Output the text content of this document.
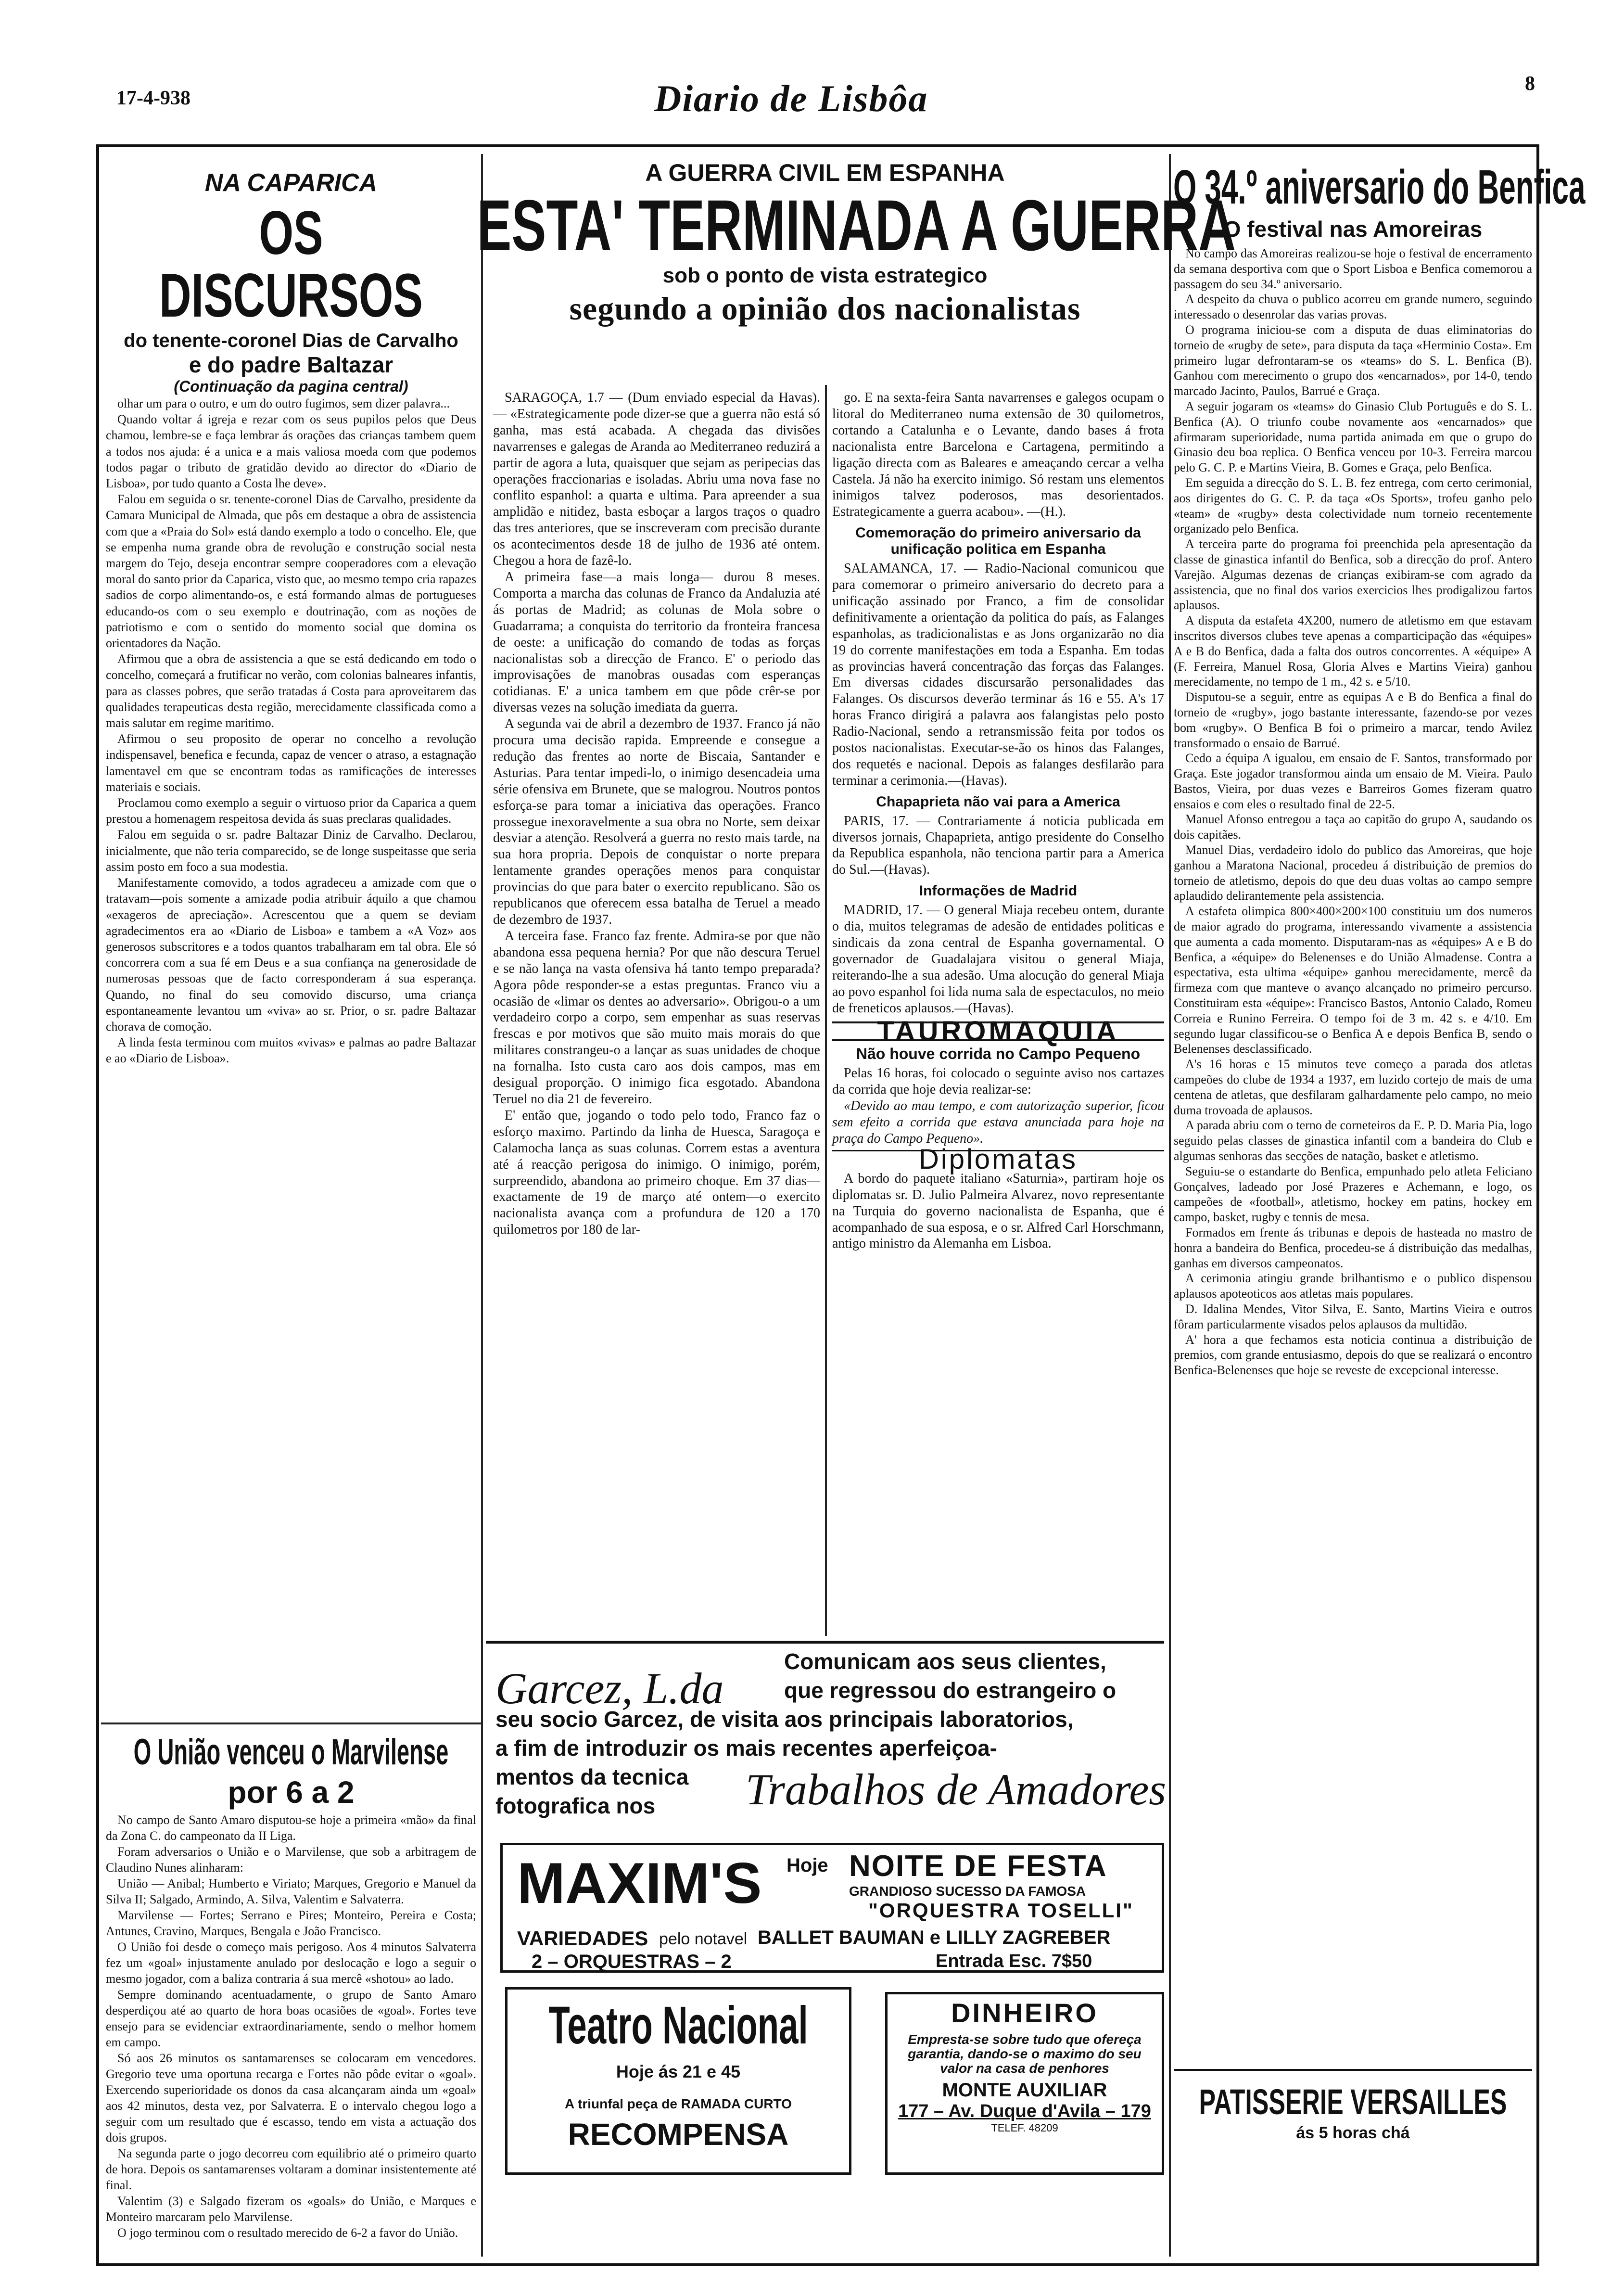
17-4-938	Diario de Lisbôa	8
NA CAPARICA
OS DISCURSOS
do tenente-coronel Dias de Carvalho
e do padre Baltazar
(Continuação da pagina central)

olhar um para o outro, e um do outro fugimos, sem dizer palavra...

Quando voltar á igreja e rezar com os seus pupilos pelos que Deus chamou, lembre-se e faça lembrar ás orações das crianças tambem quem a todos nos ajuda: é a unica e a mais valiosa moeda com que podemos todos pagar o tributo de gratidão devido ao director do «Diario de Lisboa», por tudo quanto a Costa lhe deve».

Falou em seguida o sr. tenente-coronel Dias de Carvalho, presidente da Camara Municipal de Almada, que pôs em destaque a obra de assistencia com que a «Praia do Sol» está dando exemplo a todo o concelho. Ele, que se empenha numa grande obra de revolução e construção social nesta margem do Tejo, deseja encontrar sempre cooperadores com a elevação moral do santo prior da Caparica, visto que, ao mesmo tempo cria rapazes sadios de corpo alimentando-os, e está formando almas de portugueses educando-os com o seu exemplo e doutrinação, com as noções de patriotismo e com o sentido do momento social que domina os orientadores da Nação.

Afirmou que a obra de assistencia a que se está dedicando em todo o concelho, começará a frutificar no verão, com colonias balneares infantis, para as classes pobres, que serão tratadas á Costa para aproveitarem das qualidades terapeuticas desta região, merecidamente classificada como a mais salutar em regime maritimo.

Afirmou o seu proposito de operar no concelho a revolução indispensavel, benefica e fecunda, capaz de vencer o atraso, a estagnação lamentavel em que se encontram todas as ramificações de interesses materiais e sociais.

Proclamou como exemplo a seguir o virtuoso prior da Caparica a quem prestou a homenagem respeitosa devida ás suas preclaras qualidades.

Falou em seguida o sr. padre Baltazar Diniz de Carvalho. Declarou, inicialmente, que não teria comparecido, se de longe suspeitasse que seria assim posto em foco a sua modestia.

Manifestamente comovido, a todos agradeceu a amizade com que o tratavam—pois somente a amizade podia atribuir áquilo a que chamou «exageros de apreciação». Acrescentou que a quem se deviam agradecimentos era ao «Diario de Lisboa» e tambem a «A Voz» aos generosos subscritores e a todos quantos trabalharam em tal obra. Ele só concorrera com a sua fé em Deus e a sua confiança na generosidade de numerosas pessoas que de facto corresponderam á sua esperança. Quando, no final do seu comovido discurso, uma criança espontaneamente levantou um «viva» ao sr. Prior, o sr. padre Baltazar chorava de comoção.

A linda festa terminou com muitos «vivas» e palmas ao padre Baltazar e ao «Diario de Lisboa».

O União venceu o Marvilense
por 6 a 2

No campo de Santo Amaro disputou-se hoje a primeira «mão» da final da Zona C. do campeonato da II Liga.

Foram adversarios o União e o Marvilense, que sob a arbitragem de Claudino Nunes alinharam:

União — Anibal; Humberto e Viriato; Marques, Gregorio e Manuel da Silva II; Salgado, Armindo, A. Silva, Valentim e Salvaterra.

Marvilense — Fortes; Serrano e Pires; Monteiro, Pereira e Costa; Antunes, Cravino, Marques, Bengala e João Francisco.

O União foi desde o começo mais perigoso. Aos 4 minutos Salvaterra fez um «goal» injustamente anulado por deslocação e logo a seguir o mesmo jogador, com a baliza contraria á sua mercê «shotou» ao lado.

Sempre dominando acentuadamente, o grupo de Santo Amaro desperdiçou até ao quarto de hora boas ocasiões de «goal». Fortes teve ensejo para se evidenciar extraordinariamente, sendo o melhor homem em campo.

Só aos 26 minutos os santamarenses se colocaram em vencedores. Gregorio teve uma oportuna recarga e Fortes não pôde evitar o «goal». Exercendo superioridade os donos da casa alcançaram ainda um «goal» aos 42 minutos, desta vez, por Salvaterra. E o intervalo chegou logo a seguir com um resultado que é escasso, tendo em vista a actuação dos dois grupos.

Na segunda parte o jogo decorreu com equilibrio até o primeiro quarto de hora. Depois os santamarenses voltaram a dominar insistentemente até final.

Valentim (3) e Salgado fizeram os «goals» do União, e Marques e Monteiro marcaram pelo Marvilense.

O jogo terminou com o resultado merecido de 6-2 a favor do União.

A GUERRA CIVIL EM ESPANHA
ESTA' TERMINADA A GUERRA
sob o ponto de vista estrategico
segundo a opinião dos nacionalistas

SARAGOÇA, 1.7 — (Dum enviado especial da Havas). — «Estrategicamente pode dizer-se que a guerra não está só ganha, mas está acabada. A chegada das divisões navarrenses e galegas de Aranda ao Mediterraneo reduzirá a partir de agora a luta, quaisquer que sejam as peripecias das operações fraccionarias e isoladas. Abriu uma nova fase no conflito espanhol: a quarta e ultima. Para apreender a sua amplidão e nitidez, basta esboçar a largos traços o quadro das tres anteriores, que se inscreveram com precisão durante os acontecimentos desde 18 de julho de 1936 até ontem. Chegou a hora de fazê-lo.

A primeira fase—a mais longa— durou 8 meses. Comporta a marcha das colunas de Franco da Andaluzia até ás portas de Madrid; as colunas de Mola sobre o Guadarrama; a conquista do territorio da fronteira francesa de oeste: a unificação do comando de todas as forças nacionalistas sob a direcção de Franco. E' o periodo das improvisações de manobras ousadas com esperanças cotidianas. E' a unica tambem em que pôde crêr-se por diversas vezes na solução imediata da guerra.

A segunda vai de abril a dezembro de 1937. Franco já não procura uma decisão rapida. Empreende e consegue a redução das frentes ao norte de Biscaia, Santander e Asturias. Para tentar impedi-lo, o inimigo desencadeia uma série ofensiva em Brunete, que se malogrou. Noutros pontos esforça-se para tomar a iniciativa das operações. Franco prossegue inexoravelmente a sua obra no Norte, sem deixar desviar a atenção. Resolverá a guerra no resto mais tarde, na sua hora propria. Depois de conquistar o norte prepara lentamente grandes operações menos para conquistar provincias do que para bater o exercito republicano. São os republicanos que oferecem essa batalha de Teruel a meado de dezembro de 1937.

A terceira fase. Franco faz frente. Admira-se por que não abandona essa pequena hernia? Por que não descura Teruel e se não lança na vasta ofensiva há tanto tempo preparada? Agora pôde responder-se a estas preguntas. Franco viu a ocasião de «limar os dentes ao adversario». Obrigou-o a um verdadeiro corpo a corpo, sem empenhar as suas reservas frescas e por motivos que são muito mais morais do que militares constrangeu-o a lançar as suas unidades de choque na fornalha. Isto custa caro aos dois campos, mas em desigual proporção. O inimigo fica esgotado. Abandona Teruel no dia 21 de fevereiro.

E' então que, jogando o todo pelo todo, Franco faz o esforço maximo. Partindo da linha de Huesca, Saragoça e Calamocha lança as suas colunas. Correm estas a aventura até á reacção perigosa do inimigo. O inimigo, porém, surpreendido, abandona ao primeiro choque. Em 37 dias—exactamente de 19 de março até ontem—o exercito nacionalista avança com a profundura de 120 a 170 quilometros por 180 de lar-

go. E na sexta-feira Santa navarrenses e galegos ocupam o litoral do Mediterraneo numa extensão de 30 quilometros, cortando a Catalunha e o Levante, dando bases á frota nacionalista entre Barcelona e Cartagena, permitindo a ligação directa com as Baleares e ameaçando cercar a velha Castela. Já não ha exercito inimigo. Só restam uns elementos inimigos talvez poderosos, mas desorientados. Estrategicamente a guerra acabou». —(H.).

Comemoração do primeiro aniversario da unificação politica em Espanha

SALAMANCA, 17. — Radio-Nacional comunicou que para comemorar o primeiro aniversario do decreto para a unificação assinado por Franco, a fim de consolidar definitivamente a orientação da politica do país, as Falanges espanholas, as tradicionalistas e as Jons organizarão no dia 19 do corrente manifestações em toda a Espanha. Em todas as provincias haverá concentração das forças das Falanges. Em diversas cidades discursarão personalidades das Falanges. Os discursos deverão terminar ás 16 e 55. A's 17 horas Franco dirigirá a palavra aos falangistas pelo posto Radio-Nacional, sendo a retransmissão feita por todos os postos nacionalistas. Executar-se-ão os hinos das Falanges, dos requetés e nacional. Depois as falanges desfilarão para terminar a cerimonia.—(Havas).

Chapaprieta não vai para a America

PARIS, 17. — Contrariamente á noticia publicada em diversos jornais, Chapaprieta, antigo presidente do Conselho da Republica espanhola, não tenciona partir para a America do Sul.—(Havas).

Informações de Madrid

MADRID, 17. — O general Miaja recebeu ontem, durante o dia, muitos telegramas de adesão de entidades politicas e sindicais da zona central de Espanha governamental. O governador de Guadalajara visitou o general Miaja, reiterando-lhe a sua adesão. Uma alocução do general Miaja ao povo espanhol foi lida numa sala de espectaculos, no meio de freneticos aplausos.—(Havas).

TAUROMAQUIA
Não houve corrida no Campo Pequeno

Pelas 16 horas, foi colocado o seguinte aviso nos cartazes da corrida que hoje devia realizar-se:

«Devido ao mau tempo, e com autorização superior, ficou sem efeito a corrida que estava anunciada para hoje na praça do Campo Pequeno».

Diplomatas

A bordo do paquete italiano «Saturnia», partiram hoje os diplomatas sr. D. Julio Palmeira Alvarez, novo representante na Turquia do governo nacionalista de Espanha, que é acompanhado de sua esposa, e o sr. Alfred Carl Horschmann, antigo ministro da Alemanha em Lisboa.

Garcez, L.da
Comunicam aos seus clientes,
que regressou do estrangeiro o
seu socio Garcez, de visita aos principais laboratorios,
a fim de introduzir os mais recentes aperfeiçoa-
mentos da tecnica
fotografica nos Trabalhos de Amadores
MAXIM'S Hoje NOITE DE FESTA
GRANDIOSO SUCESSO DA FAMOSA
"ORQUESTRA TOSELLI"
VARIEDADES pelo notavel BALLET BAUMAN e LILLY ZAGREBER
2 – ORQUESTRAS – 2	Entrada Esc. 7$50
Teatro Nacional
Hoje ás 21 e 45
A triunfal peça de RAMADA CURTO
RECOMPENSA
DINHEIRO
Empresta-se sobre tudo que ofereça garantia, dando-se o maximo do seu valor na casa de penhores
MONTE AUXILIAR
177 – Av. Duque d'Avila – 179
TELEF. 48209
O 34.º aniversario do Benfica
O festival nas Amoreiras

No campo das Amoreiras realizou-se hoje o festival de encerramento da semana desportiva com que o Sport Lisboa e Benfica comemorou a passagem do seu 34.º aniversario.

A despeito da chuva o publico acorreu em grande numero, seguindo interessado o desenrolar das varias provas.

O programa iniciou-se com a disputa de duas eliminatorias do torneio de «rugby de sete», para disputa da taça «Herminio Costa». Em primeiro lugar defrontaram-se os «teams» do S. L. Benfica (B). Ganhou com merecimento o grupo dos «encarnados», por 14-0, tendo marcado Jacinto, Paulos, Barrué e Graça.

A seguir jogaram os «teams» do Ginasio Club Português e do S. L. Benfica (A). O triunfo coube novamente aos «encarnados» que afirmaram superioridade, numa partida animada em que o grupo do Ginasio deu boa replica. O Benfica venceu por 10-3. Ferreira marcou pelo G. C. P. e Martins Vieira, B. Gomes e Graça, pelo Benfica.

Em seguida a direcção do S. L. B. fez entrega, com certo cerimonial, aos dirigentes do G. C. P. da taça «Os Sports», trofeu ganho pelo «team» de «rugby» desta colectividade num torneio recentemente organizado pelo Benfica.

A terceira parte do programa foi preenchida pela apresentação da classe de ginastica infantil do Benfica, sob a direcção do prof. Antero Varejão. Algumas dezenas de crianças exibiram-se com agrado da assistencia, que no final dos varios exercicios lhes prodigalizou fartos aplausos.

A disputa da estafeta 4X200, numero de atletismo em que estavam inscritos diversos clubes teve apenas a comparticipação das «équipes» A e B do Benfica, dada a falta dos outros concorrentes. A «équipe» A (F. Ferreira, Manuel Rosa, Gloria Alves e Martins Vieira) ganhou merecidamente, no tempo de 1 m., 42 s. e 5/10.

Disputou-se a seguir, entre as equipas A e B do Benfica a final do torneio de «rugby», jogo bastante interessante, fazendo-se por vezes bom «rugby». O Benfica B foi o primeiro a marcar, tendo Avilez transformado o ensaio de Barrué.

Cedo a équipa A igualou, em ensaio de F. Santos, transformado por Graça. Este jogador transformou ainda um ensaio de M. Vieira. Paulo Bastos, Vieira, por duas vezes e Barreiros Gomes fizeram quatro ensaios e com eles o resultado final de 22-5.

Manuel Afonso entregou a taça ao capitão do grupo A, saudando os dois capitães.

Manuel Dias, verdadeiro idolo do publico das Amoreiras, que hoje ganhou a Maratona Nacional, procedeu á distribuição de premios do torneio de atletismo, depois do que deu duas voltas ao campo sempre aplaudido delirantemente pela assistencia.

A estafeta olimpica 800×400×200×100 constituiu um dos numeros de maior agrado do programa, interessando vivamente a assistencia que aumenta a cada momento. Disputaram-nas as «équipes» A e B do Benfica, a «équipe» do Belenenses e do União Almadense. Contra a espectativa, esta ultima «équipe» ganhou merecidamente, mercê da firmeza com que manteve o avanço alcançado no primeiro percurso. Constituiram esta «équipe»: Francisco Bastos, Antonio Calado, Romeu Correia e Runino Ferreira. O tempo foi de 3 m. 42 s. e 4/10. Em segundo lugar classificou-se o Benfica A e depois Benfica B, sendo o Belenenses desclassificado.

A's 16 horas e 15 minutos teve começo a parada dos atletas campeões do clube de 1934 a 1937, em luzido cortejo de mais de uma centena de atletas, que desfilaram galhardamente pelo campo, no meio duma trovoada de aplausos.

A parada abriu com o terno de corneteiros da E. P. D. Maria Pia, logo seguido pelas classes de ginastica infantil com a bandeira do Club e algumas senhoras das secções de natação, basket e atletismo.

Seguiu-se o estandarte do Benfica, empunhado pelo atleta Feliciano Gonçalves, ladeado por José Prazeres e Achemann, e logo, os campeões de «football», atletismo, hockey em patins, hockey em campo, basket, rugby e tennis de mesa.

Formados em frente ás tribunas e depois de hasteada no mastro de honra a bandeira do Benfica, procedeu-se á distribuição das medalhas, ganhas em diversos campeonatos.

A cerimonia atingiu grande brilhantismo e o publico dispensou aplausos apoteoticos aos atletas mais populares.

D. Idalina Mendes, Vitor Silva, E. Santo, Martins Vieira e outros fôram particularmente visados pelos aplausos da multidão.

A' hora a que fechamos esta noticia continua a distribuição de premios, com grande entusiasmo, depois do que se realizará o encontro Benfica-Belenenses que hoje se reveste de excepcional interesse.

PATISSERIE VERSAILLES
ás 5 horas chá
